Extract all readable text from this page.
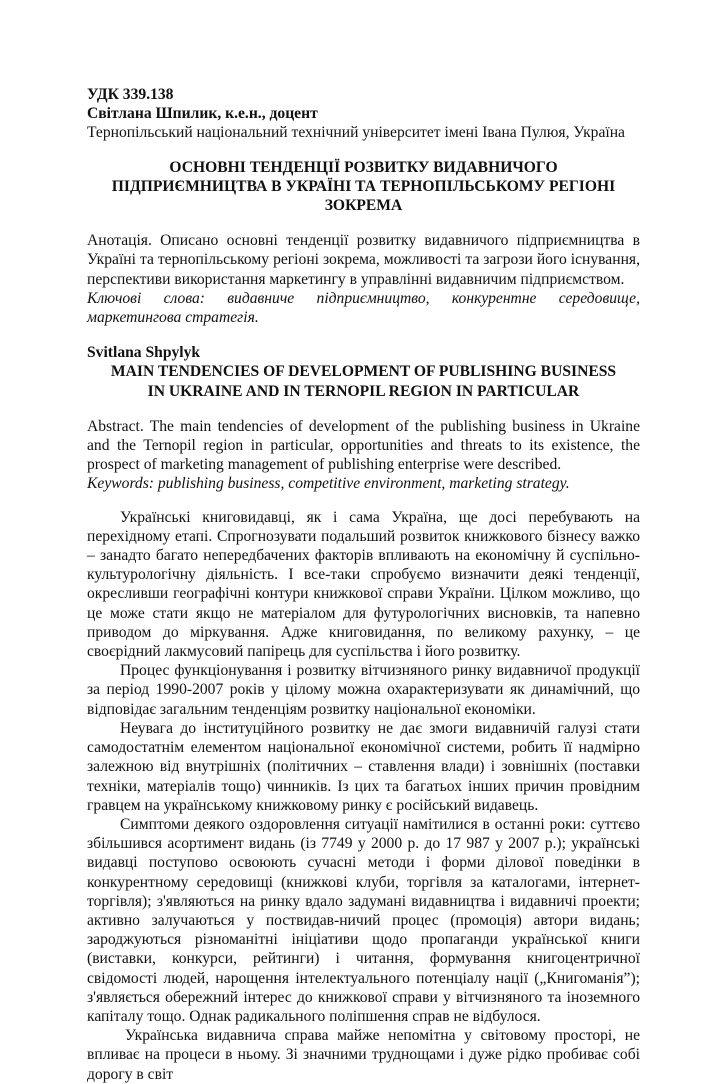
УДК 339.138

Світлана Шпилик, к.е.н., доцент

Тернопільський національний технічний університет імені Івана Пулюя, Україна

ОСНОВНІ ТЕНДЕНЦІЇ РОЗВИТКУ ВИДАВНИЧОГО ПІДПРИЄМНИЦТВА В УКРАЇНІ ТА ТЕРНОПІЛЬСЬКОМУ РЕГІОНІ ЗОКРЕМА

Анотація. Описано основні тенденції розвитку видавничого підприємництва в Україні та тернопільському регіоні зокрема, можливості та загрози його існування, перспективи використання маркетингу в управлінні видавничим підприємством.

Ключові слова: видавниче підприємництво, конкурентне середовище, маркетингова стратегія.

Svitlana Shpylyk

MAIN TENDENCIES OF DEVELOPMENT OF PUBLISHING BUSINESS IN UKRAINE AND IN TERNOPIL REGION IN PARTICULAR

Abstract. The main tendencies of development of the publishing business in Ukraine and the Ternopil region in particular, opportunities and threats to its existence, the prospect of marketing management of publishing enterprise were described.

Keywords: publishing business, competitive environment, marketing strategy.

Українські книговидавці, як і сама Україна, ще досі перебувають на перехідному етапі. Спрогнозувати подальший розвиток книжкового бізнесу важко – занадто багато непередбачених факторів впливають на економічну й суспільно-культурологічну діяльність. І все-таки спробуємо визначити деякі тенденції, окресливши географічні контури книжкової справи України. Цілком можливо, що це може стати якщо не матеріалом для футурологічних висновків, та напевно приводом до міркування. Адже книговидання, по великому рахунку, – це своєрідний лакмусовий папірець для суспільства і його розвитку.

Процес функціонування і розвитку вітчизняного ринку видавничої продукції за період 1990-2007 років у цілому можна охарактеризувати як динамічний, що відповідає загальним тенденціям розвитку національної економіки.

Неувага до інституційного розвитку не дає змоги видавничій галузі стати самодостатнім елементом національної економічної системи, робить її надмірно залежною від внутрішніх (політичних – ставлення влади) і зовнішніх (поставки техніки, матеріалів тощо) чинників. Із цих та багатьох інших причин провідним гравцем на українському книжковому ринку є російський видавець.

Симптоми деякого оздоровлення ситуації намітилися в останні роки: суттєво збільшився асортимент видань (із 7749 у 2000 р. до 17 987 у 2007 р.); українські видавці поступово освоюють сучасні методи і форми ділової поведінки в конкурентному середовищі (книжкові клуби, торгівля за каталогами, інтернет-торгівля); з'являються на ринку вдало задумані видавництва і видавничі проекти; активно залучаються у поствидав-ничий процес (промоція) автори видань; зароджуються різноманітні ініціативи щодо пропаганди української книги (виставки, конкурси, рейтинги) і читання, формування книгоцентричної свідомості людей, нарощення інтелектуального потенціалу нації („Книгоманія”); з'являється обережний інтерес до книжкової справи у вітчизняного та іноземного капіталу тощо. Однак радикального поліпшення справ не відбулося.

Українська видавнича справа майже непомітна у світовому просторі, не впливає на процеси в ньому. Зі значними труднощами і дуже рідко пробиває собі дорогу в світ
